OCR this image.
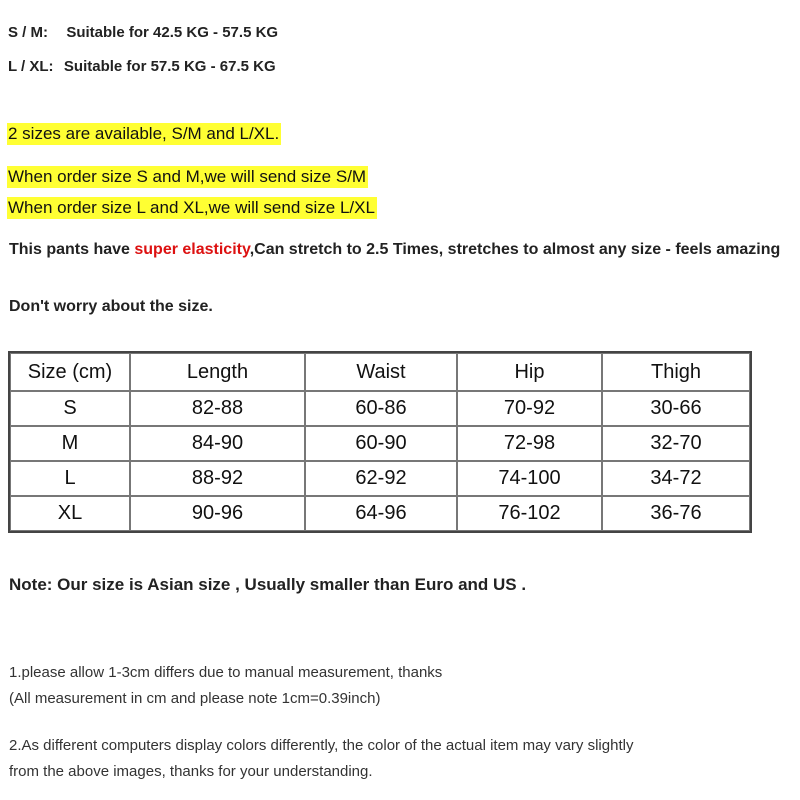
S / M: Suitable for 42.5 KG - 57.5 KG
L / XL: Suitable for 57.5 KG - 67.5 KG
2 sizes are available, S/M and L/XL.
When order size S and M,we will send size S/M
When order size L and XL,we will send size L/XL
This pants have super elasticity,Can stretch to 2.5 Times, stretches to almost any size - feels amazing
Don't worry about the size.
Size (cm)	Length	Waist	Hip	Thigh
S	82-88	60-86	70-92	30-66
M	84-90	60-90	72-98	32-70
L	88-92	62-92	74-100	34-72
XL	90-96	64-96	76-102	36-76
Note: Our size is Asian size , Usually smaller than Euro and US .
1.please allow 1-3cm differs due to manual measurement, thanks
(All measurement in cm and please note 1cm=0.39inch)
2.As different computers display colors differently, the color of the actual item may vary slightly
from the above images, thanks for your understanding.
